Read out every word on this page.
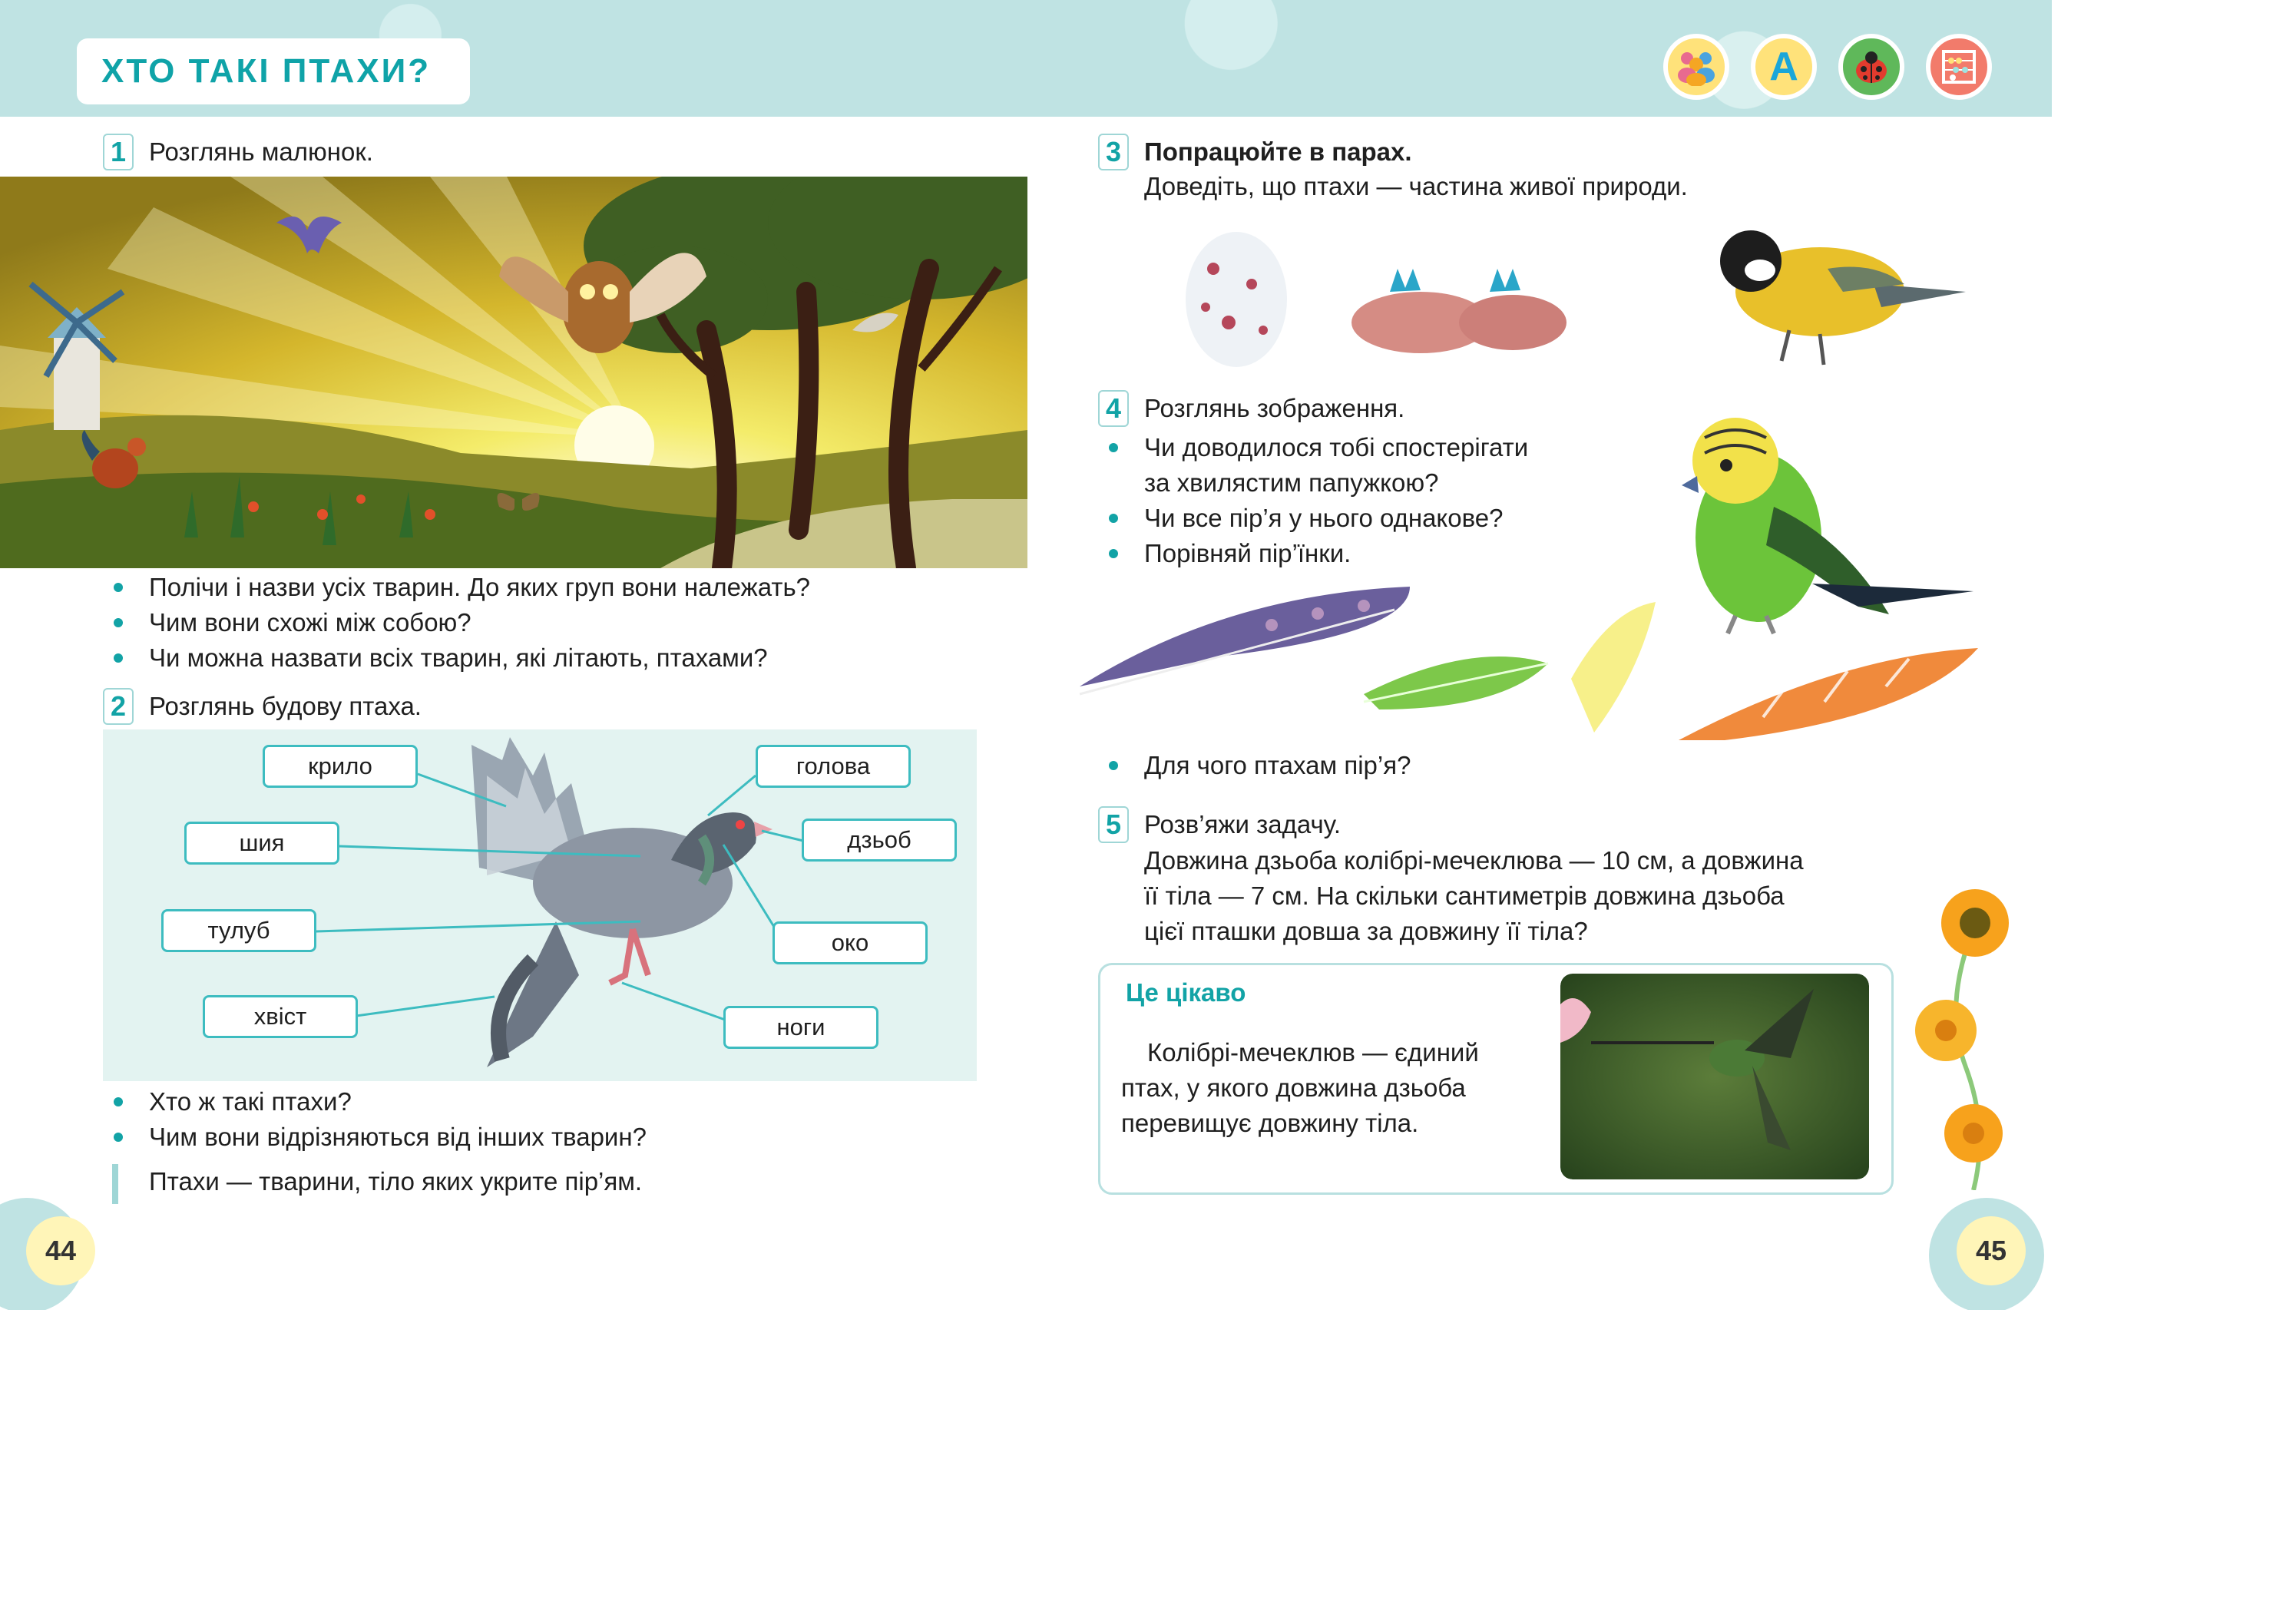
ХТО ТАКІ ПТАХИ?	А
1 Розглянь малюнок.
Полічи і назви усіх тварин. До яких груп вони належать?
Чим вони схожі між собою?
Чи можна назвати всіх тварин, які літають, птахами?
2 Розглянь будову птаха.
крило
шия
тулуб
хвіст
голова
дзьоб
око
ноги
Хто ж такі птахи?
Чим вони відрізняються від інших тварин?
Птахи — тварини, тіло яких укрите пір’ям.
44
3 Попрацюйте в парах.
Доведіть, що птахи — частина живої природи.
4 Розглянь зображення.
Чи доводилося тобі спостерігати
за хвилястим папужкою?
Чи все пір’я у нього однакове?
Порівняй пір’їнки.
Для чого птахам пір’я?
5 Розв’яжи задачу.
Довжина дзьоба колібрі-мечеклюва — 10 см, а довжина
її тіла — 7 см. На скільки сантиметрів довжина дзьоба
цієї пташки довша за довжину її тіла?
Це цікаво
Колібрі-мечеклюв — єдиний
птах, у якого довжина дзьоба
перевищує довжину тіла.
45
